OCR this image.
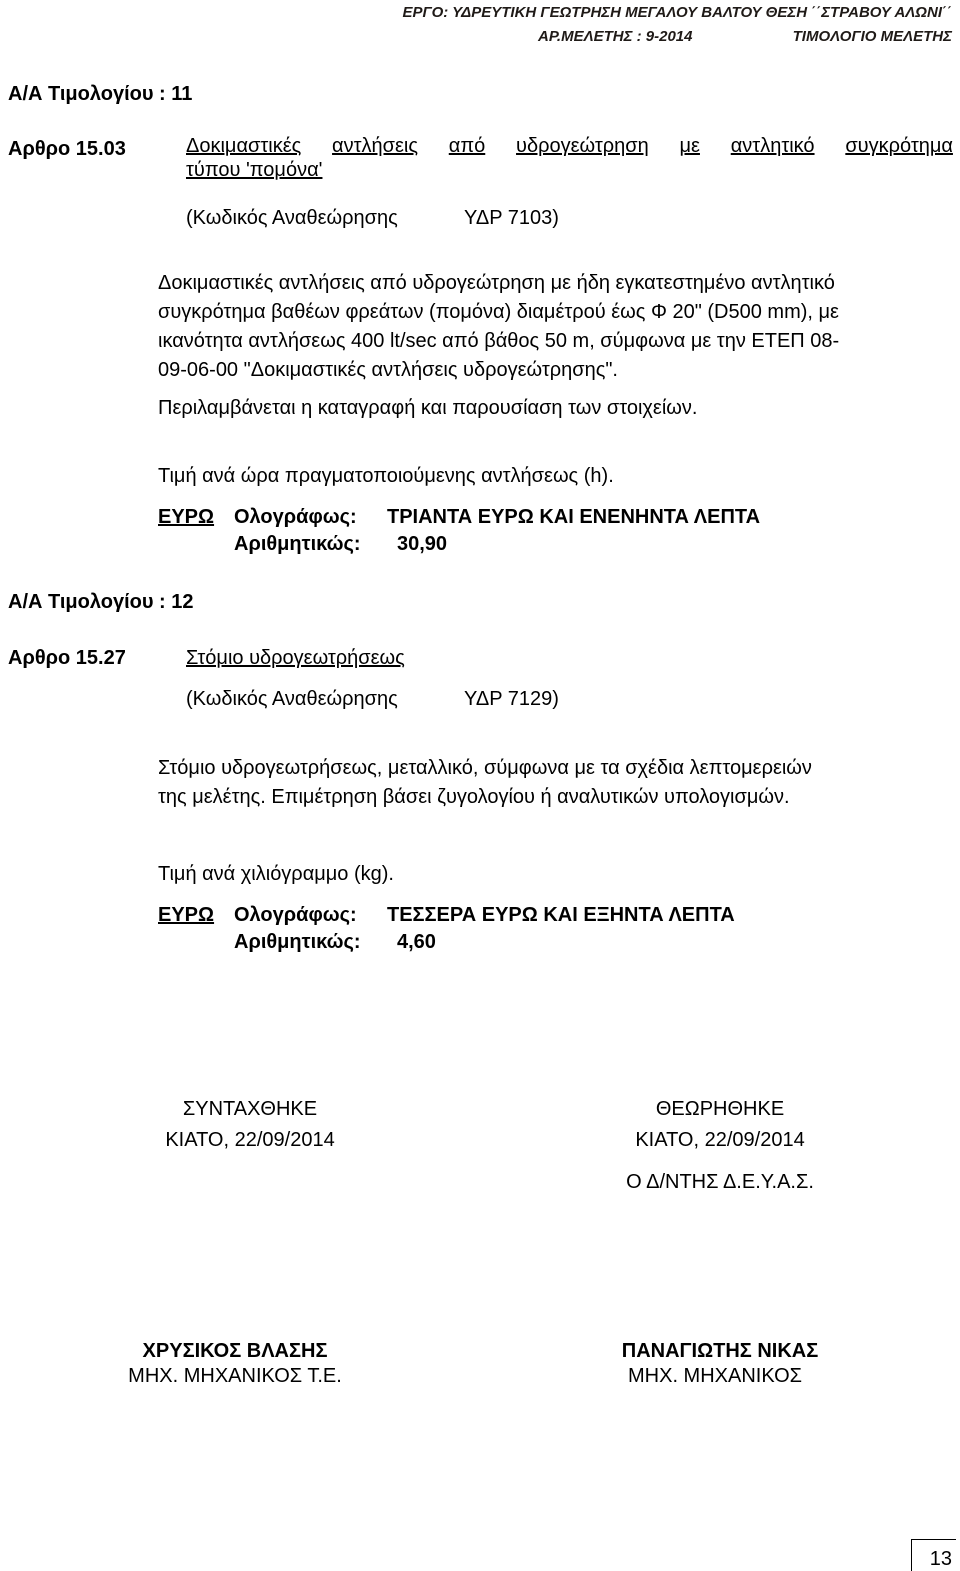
ΕΡΓΟ: ΥΔΡΕΥΤΙΚΗ ΓΕΩΤΡΗΣΗ ΜΕΓΑΛΟΥ ΒΑΛΤΟΥ ΘΕΣΗ ΄΄ΣΤΡΑΒΟΥ ΑΛΩΝΙ΄΄
ΑΡ.ΜΕΛΕΤΗΣ : 9-2014	ΤΙΜΟΛΟΓΙΟ ΜΕΛΕΤΗΣ
Α/Α Τιμολογίου : 11
Αρθρο 15.03	Δοκιμαστικές αντλήσεις από υδρογεώτρηση με αντλητικό συγκρότημα
τύπου 'πομόνα'
(Κωδικός Αναθεώρησης	ΥΔΡ 7103)
Δοκιμαστικές αντλήσεις από υδρογεώτρηση με ήδη εγκατεστημένο αντλητικό
συγκρότημα βαθέων φρεάτων (πομόνα) διαμέτρού έως Φ 20" (D500 mm), με
ικανότητα αντλήσεως 400 lt/sec από βάθος 50 m, σύμφωνα με την ΕΤΕΠ 08-
09-06-00 "Δοκιμαστικές αντλήσεις υδρογεώτρησης".
Περιλαμβάνεται η καταγραφή και παρουσίαση των στοιχείων.
Τιμή ανά ώρα πραγματοποιούμενης αντλήσεως (h).
ΕΥΡΩ Ολογράφως: ΤΡΙΑΝΤΑ ΕΥΡΩ ΚΑΙ ΕΝΕΝΗΝΤΑ ΛΕΠΤΑ
Αριθμητικώς: 30,90
Α/Α Τιμολογίου : 12
Αρθρο 15.27	Στόμιο υδρογεωτρήσεως
(Κωδικός Αναθεώρησης	ΥΔΡ 7129)
Στόμιο υδρογεωτρήσεως, μεταλλικό, σύμφωνα με τα σχέδια λεπτομερειών
της μελέτης. Επιμέτρηση βάσει ζυγολογίου ή αναλυτικών υπολογισμών.
Τιμή ανά χιλιόγραμμο (kg).
ΕΥΡΩ Ολογράφως: ΤΕΣΣΕΡΑ ΕΥΡΩ ΚΑΙ ΕΞΗΝΤΑ ΛΕΠΤΑ
Αριθμητικώς: 4,60
ΣΥΝΤΑΧΘΗΚΕ
ΚΙΑΤΟ, 22/09/2014
ΧΡΥΣΙΚΟΣ ΒΛΑΣΗΣ
ΜΗΧ. ΜΗΧΑΝΙΚΟΣ Τ.Ε.
ΘΕΩΡΗΘΗΚΕ
ΚΙΑΤΟ, 22/09/2014
Ο Δ/ΝΤΗΣ Δ.Ε.Υ.Α.Σ.
ΠΑΝΑΓΙΩΤΗΣ ΝΙΚΑΣ
ΜΗΧ. ΜΗΧΑΝΙΚΟΣ
13
